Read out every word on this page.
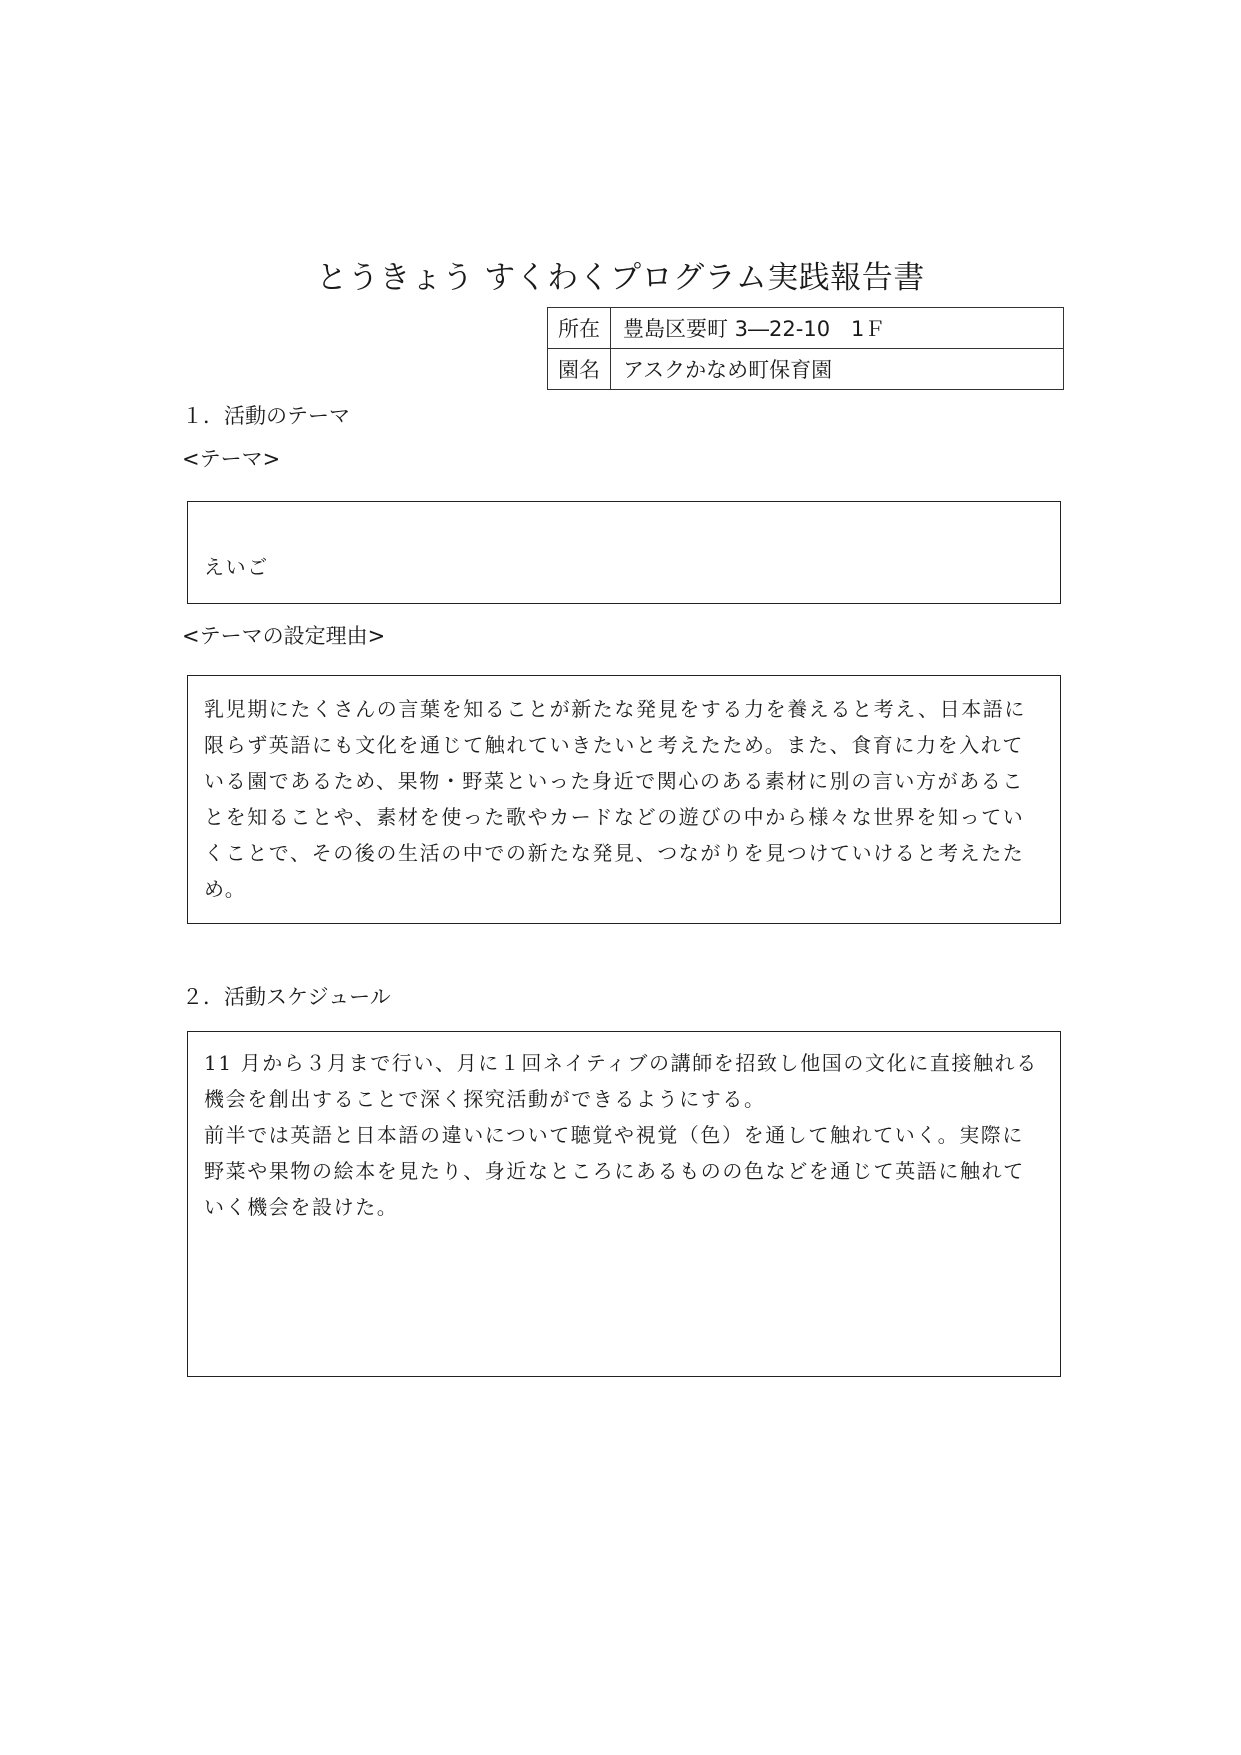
とうきょう すくわくプログラム実践報告書
所在	豊島区要町 3―22-10　1Ｆ
園名	アスクかなめ町保育園
１．活動のテーマ
<テーマ>
えいご
<テーマの設定理由>
乳児期にたくさんの言葉を知ることが新たな発見をする力を養えると考え、日本語に
限らず英語にも文化を通じて触れていきたいと考えたため。また、食育に力を入れて
いる園であるため、果物・野菜といった身近で関心のある素材に別の言い方があるこ
とを知ることや、素材を使った歌やカードなどの遊びの中から様々な世界を知ってい
くことで、その後の生活の中での新たな発見、つながりを見つけていけると考えたた
め。
２．活動スケジュール
11 月から３月まで行い、月に１回ネイティブの講師を招致し他国の文化に直接触れる
機会を創出することで深く探究活動ができるようにする。
前半では英語と日本語の違いについて聴覚や視覚（色）を通して触れていく。実際に
野菜や果物の絵本を見たり、身近なところにあるものの色などを通じて英語に触れて
いく機会を設けた。
